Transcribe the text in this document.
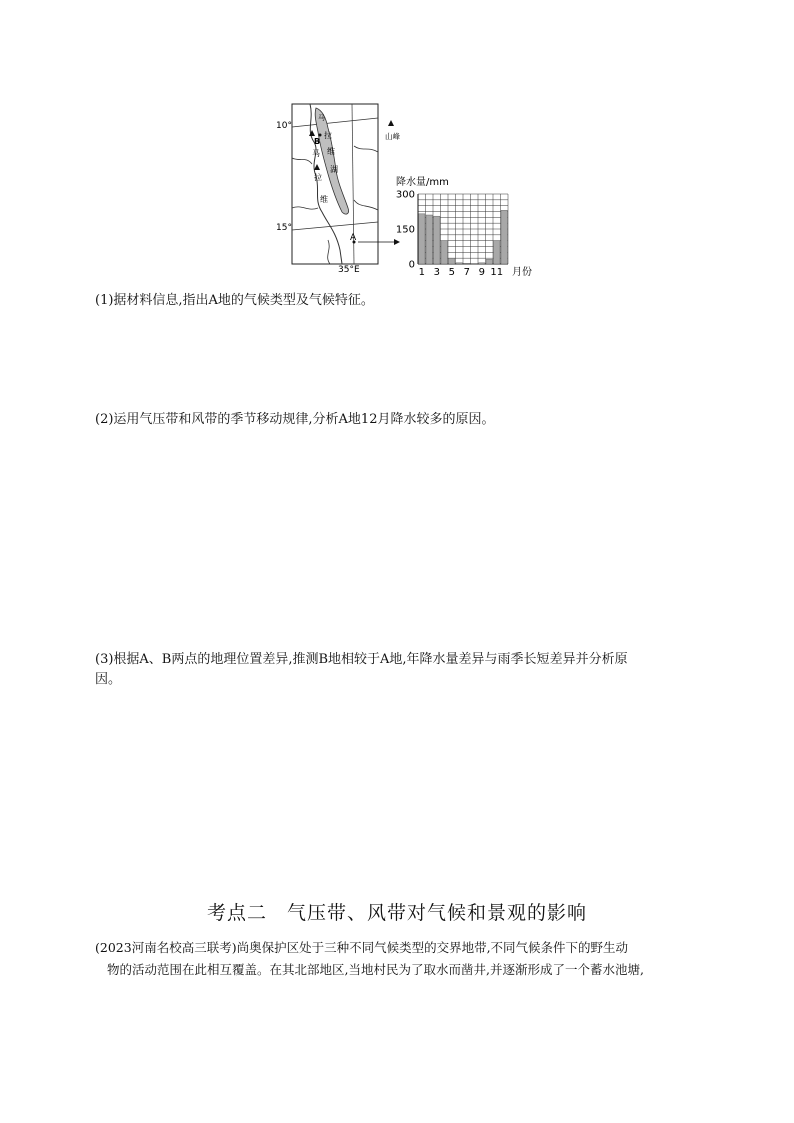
马
拉
维
湖
马
拉
维
B
A
10°
15°
35°E
山峰
降水量/mm
300
150
0
1 3 5 7 9 11 月份
(1)据材料信息,指出A地的气候类型及气候特征。
(2)运用气压带和风带的季节移动规律,分析A地12月降水较多的原因。
(3)根据A、B两点的地理位置差异,推测B地相较于A地,年降水量差异与雨季长短差异并分析原
因。
考点二　气压带、风带对气候和景观的影响
(2023河南名校高三联考)尚奥保护区处于三种不同气候类型的交界地带,不同气候条件下的野生动
物的活动范围在此相互覆盖。在其北部地区,当地村民为了取水而凿井,并逐渐形成了一个蓄水池塘,
